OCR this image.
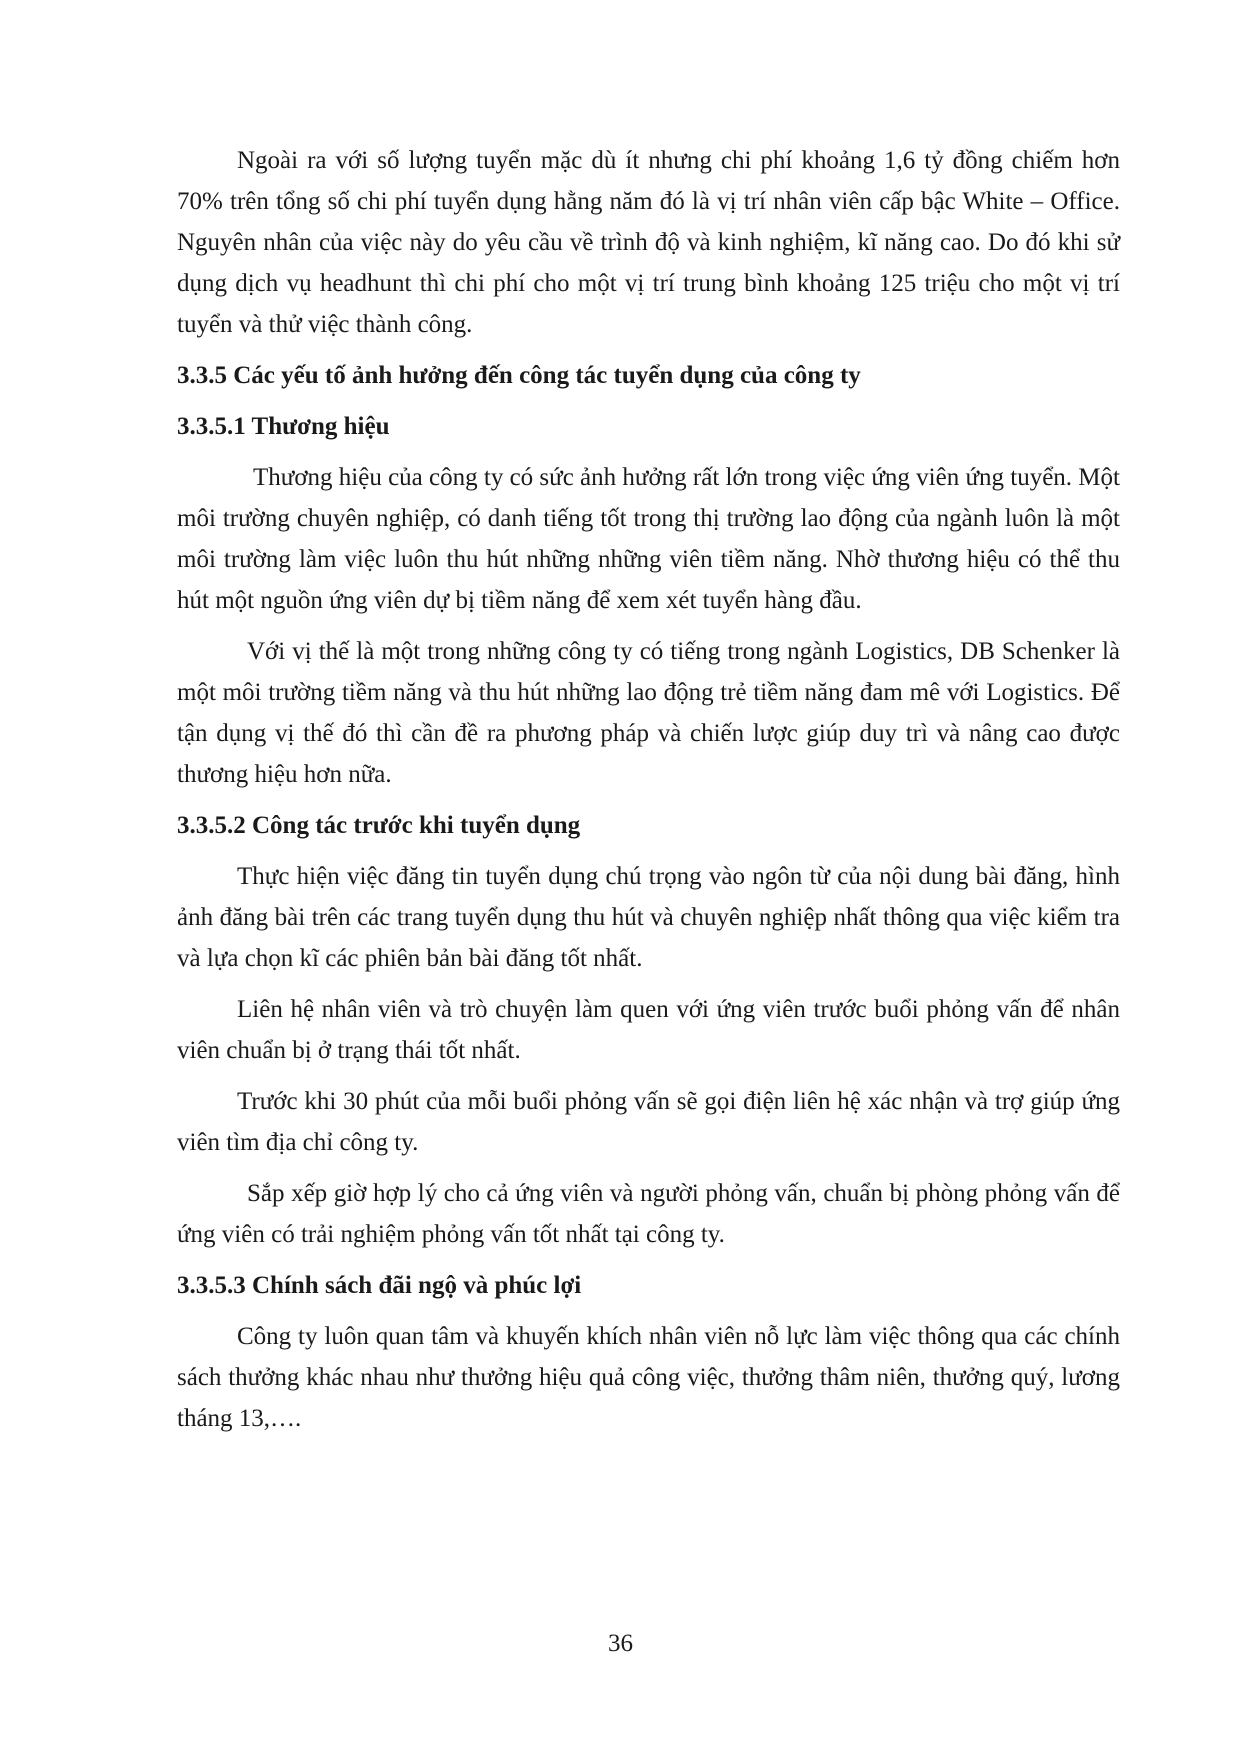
Ngoài ra với số lượng tuyển mặc dù ít nhưng chi phí khoảng 1,6 tỷ đồng chiếm hơn 70% trên tổng số chi phí tuyển dụng hằng năm đó là vị trí nhân viên cấp bậc White – Office. Nguyên nhân của việc này do yêu cầu về trình độ và kinh nghiệm, kĩ năng cao. Do đó khi sử dụng dịch vụ headhunt thì chi phí cho một vị trí trung bình khoảng 125 triệu cho một vị trí tuyển và thử việc thành công.

3.3.5 Các yếu tố ảnh hưởng đến công tác tuyển dụng của công ty

3.3.5.1 Thương hiệu

Thương hiệu của công ty có sức ảnh hưởng rất lớn trong việc ứng viên ứng tuyển. Một môi trường chuyên nghiệp, có danh tiếng tốt trong thị trường lao động của ngành luôn là một môi trường làm việc luôn thu hút những những viên tiềm năng. Nhờ thương hiệu có thể thu hút một nguồn ứng viên dự bị tiềm năng để xem xét tuyển hàng đầu.

Với vị thế là một trong những công ty có tiếng trong ngành Logistics, DB Schenker là một môi trường tiềm năng và thu hút những lao động trẻ tiềm năng đam mê với Logistics. Để tận dụng vị thế đó thì cần đề ra phương pháp và chiến lược giúp duy trì và nâng cao được thương hiệu hơn nữa.

3.3.5.2 Công tác trước khi tuyển dụng

Thực hiện việc đăng tin tuyển dụng chú trọng vào ngôn từ của nội dung bài đăng, hình ảnh đăng bài trên các trang tuyển dụng thu hút và chuyên nghiệp nhất thông qua việc kiểm tra và lựa chọn kĩ các phiên bản bài đăng tốt nhất.

Liên hệ nhân viên và trò chuyện làm quen với ứng viên trước buổi phỏng vấn để nhân viên chuẩn bị ở trạng thái tốt nhất.

Trước khi 30 phút của mỗi buổi phỏng vấn sẽ gọi điện liên hệ xác nhận và trợ giúp ứng viên tìm địa chỉ công ty.

Sắp xếp giờ hợp lý cho cả ứng viên và người phỏng vấn, chuẩn bị phòng phỏng vấn để ứng viên có trải nghiệm phỏng vấn tốt nhất tại công ty.

3.3.5.3 Chính sách đãi ngộ và phúc lợi

Công ty luôn quan tâm và khuyến khích nhân viên nỗ lực làm việc thông qua các chính sách thưởng khác nhau như thưởng hiệu quả công việc, thưởng thâm niên, thưởng quý, lương tháng 13,….

36
